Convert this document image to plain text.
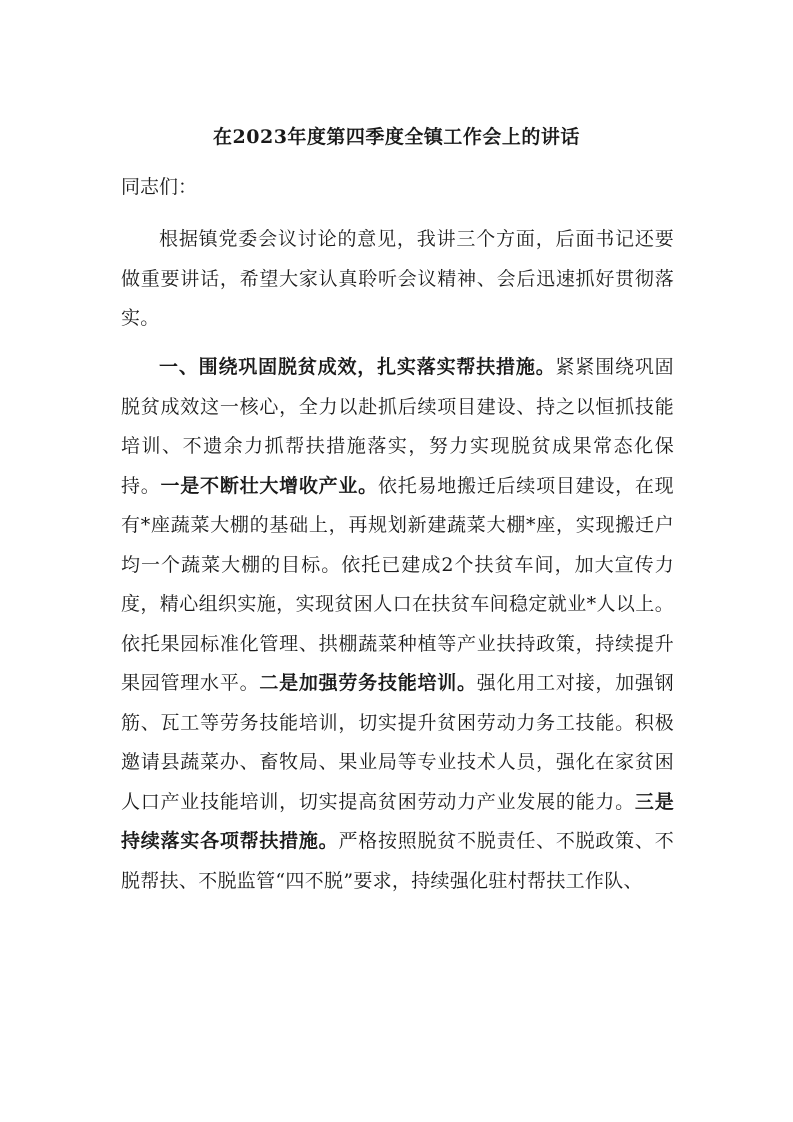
在2023年度第四季度全镇工作会上的讲话
同志们：

根据镇党委会议讨论的意见，我讲三个方面，后面书记还要做重要讲话，希望大家认真聆听会议精神、会后迅速抓好贯彻落实。

一、围绕巩固脱贫成效，扎实落实帮扶措施。紧紧围绕巩固脱贫成效这一核心，全力以赴抓后续项目建设、持之以恒抓技能培训、不遗余力抓帮扶措施落实，努力实现脱贫成果常态化保持。一是不断壮大增收产业。依托易地搬迁后续项目建设，在现有*座蔬菜大棚的基础上，再规划新建蔬菜大棚*座，实现搬迁户均一个蔬菜大棚的目标。依托已建成2个扶贫车间，加大宣传力度，精心组织实施，实现贫困人口在扶贫车间稳定就业*人以上。依托果园标准化管理、拱棚蔬菜种植等产业扶持政策，持续提升果园管理水平。二是加强劳务技能培训。强化用工对接，加强钢筋、瓦工等劳务技能培训，切实提升贫困劳动力务工技能。积极邀请县蔬菜办、畜牧局、果业局等专业技术人员，强化在家贫困人口产业技能培训，切实提高贫困劳动力产业发展的能力。三是持续落实各项帮扶措施。严格按照脱贫不脱责任、不脱政策、不脱帮扶、不脱监管“四不脱”要求，持续强化驻村帮扶工作队、
